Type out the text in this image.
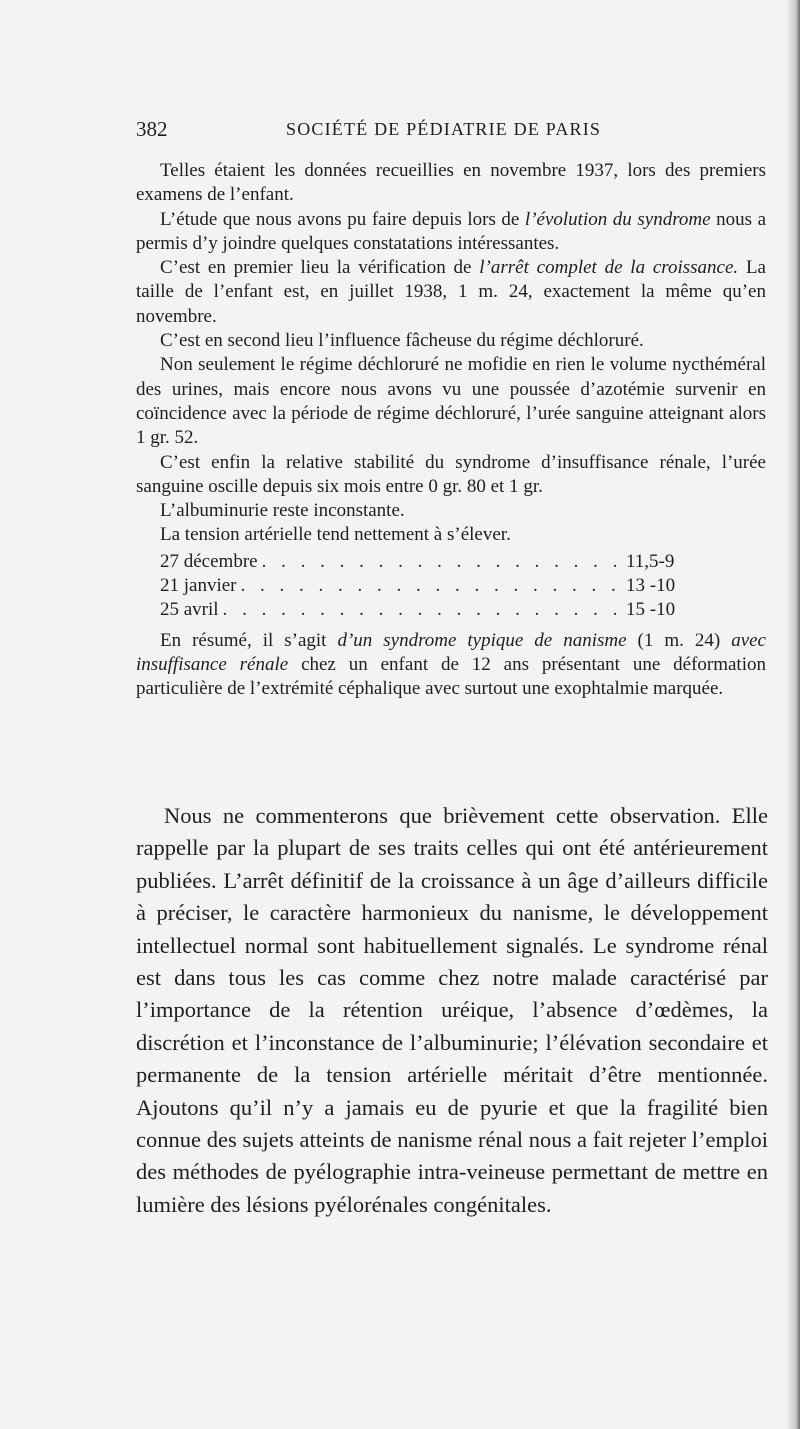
382	SOCIÉTÉ DE PÉDIATRIE DE PARIS

Telles étaient les données recueillies en novembre 1937, lors des premiers examens de l’enfant.

L’étude que nous avons pu faire depuis lors de l’évolution du syndrome nous a permis d’y joindre quelques constatations intéressantes.

C’est en premier lieu la vérification de l’arrêt complet de la croissance. La taille de l’enfant est, en juillet 1938, 1 m. 24, exactement la même qu’en novembre.

C’est en second lieu l’influence fâcheuse du régime déchloruré.

Non seulement le régime déchloruré ne mofidie en rien le volume nycthéméral des urines, mais encore nous avons vu une poussée d’azotémie survenir en coïncidence avec la période de régime déchloruré, l’urée sanguine atteignant alors 1 gr. 52.

C’est enfin la relative stabilité du syndrome d’insuffisance rénale, l’urée sanguine oscille depuis six mois entre 0 gr. 80 et 1 gr.

L’albuminurie reste inconstante.

La tension artérielle tend nettement à s’élever.

27 décembre . . .	11,5-9
21 janvier . . .	13 -10
25 avril . . .	15 -10

En résumé, il s’agit d’un syndrome typique de nanisme (1 m. 24) avec insuffisance rénale chez un enfant de 12 ans présentant une déformation particulière de l’extrémité céphalique avec surtout une exophtalmie marquée.

Nous ne commenterons que brièvement cette observation. Elle rappelle par la plupart de ses traits celles qui ont été antérieurement publiées. L’arrêt définitif de la croissance à un âge d’ailleurs difficile à préciser, le caractère harmonieux du nanisme, le développement intellectuel normal sont habituellement signalés. Le syndrome rénal est dans tous les cas comme chez notre malade caractérisé par l’importance de la rétention uréique, l’absence d’œdèmes, la discrétion et l’inconstance de l’albuminurie; l’élévation secondaire et permanente de la tension artérielle méritait d’être mentionnée. Ajoutons qu’il n’y a jamais eu de pyurie et que la fragilité bien connue des sujets atteints de nanisme rénal nous a fait rejeter l’emploi des méthodes de pyélographie intra-veineuse permettant de mettre en lumière des lésions pyélorénales congénitales.
